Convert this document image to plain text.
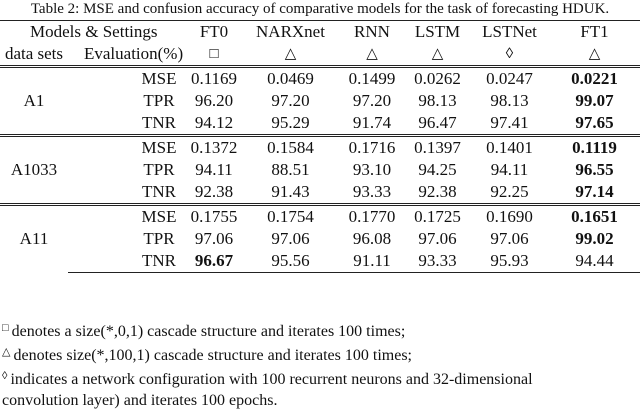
Table 2: MSE and confusion accuracy of comparative models for the task of forecasting HDUK.
Models & Settings		FT0	NARXnet	RNN	LSTM	LSTNet	FT1
data sets	Evaluation(%)	□	△	△	△	◊	△
A1	MSE	0.1169	0.0469	0.1499	0.0262	0.0247	0.0221
	TPR	96.20	97.20	97.20	98.13	98.13	99.07
	TNR	94.12	95.29	91.74	96.47	97.41	97.65
A1033	MSE	0.1372	0.1584	0.1716	0.1397	0.1401	0.1119
	TPR	94.11	88.51	93.10	94.25	94.11	96.55
	TNR	92.38	91.43	93.33	92.38	92.25	97.14
A11	MSE	0.1755	0.1754	0.1770	0.1725	0.1690	0.1651
	TPR	97.06	97.06	96.08	97.06	97.06	99.02
	TNR	96.67	95.56	91.11	93.33	95.93	94.44
□ denotes a size(*,0,1) cascade structure and iterates 100 times;
△ denotes size(*,100,1) cascade structure and iterates 100 times;
◊ indicates a network configuration with 100 recurrent neurons and 32-dimensional
convolution layer) and iterates 100 epochs.
